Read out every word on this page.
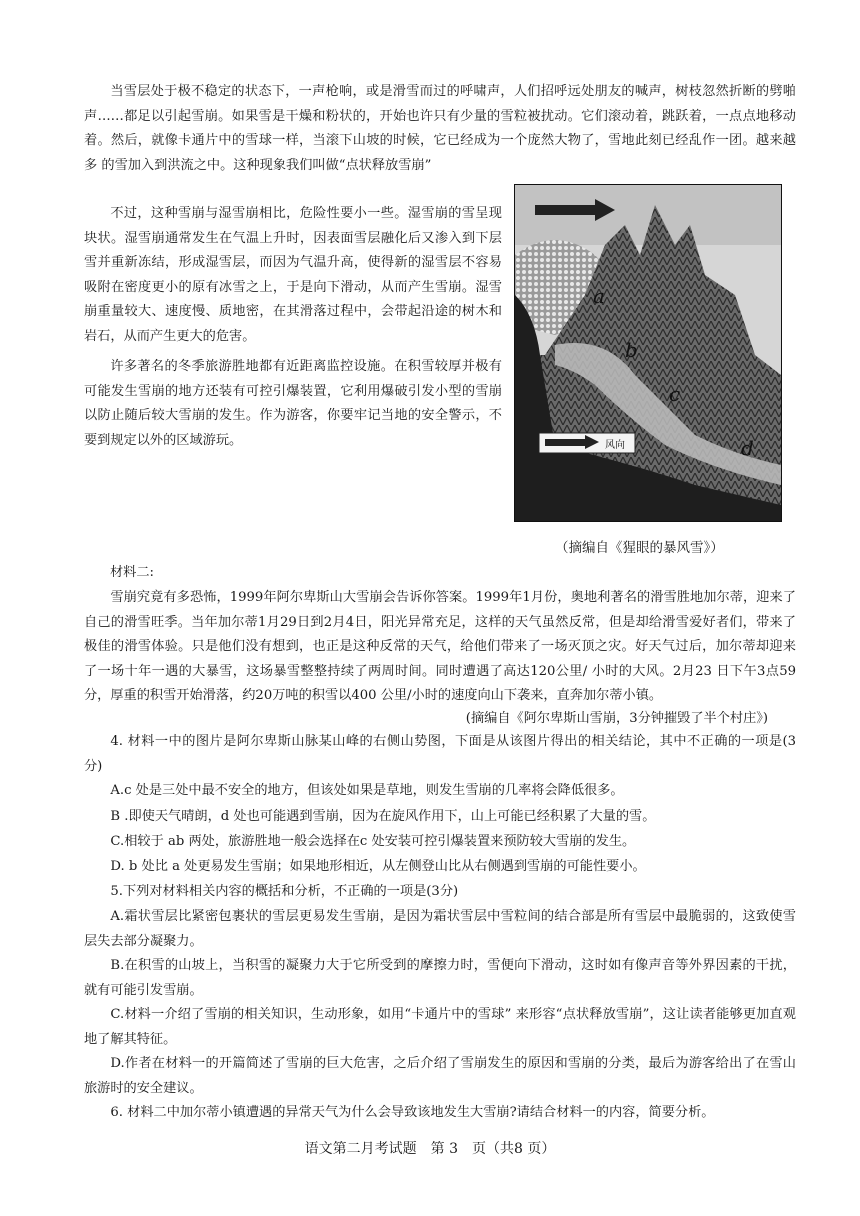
当雪层处于极不稳定的状态下，一声枪响，或是滑雪而过的呼啸声，人们招呼远处朋友的喊声，树枝忽然折断的劈啪声……都足以引起雪崩。如果雪是干燥和粉状的，开始也许只有少量的雪粒被扰动。它们滚动着，跳跃着，一点点地移动着。然后，就像卡通片中的雪球一样，当滚下山坡的时候，它已经成为一个庞然大物了，雪地此刻已经乱作一团。越来越多 的雪加入到洪流之中。这种现象我们叫做“点状释放雪崩”
不过，这种雪崩与湿雪崩相比，危险性要小一些。湿雪崩的雪呈现块状。湿雪崩通常发生在气温上升时，因表面雪层融化后又渗入到下层雪并重新冻结，形成湿雪层，而因为气温升高，使得新的湿雪层不容易吸附在密度更小的原有冰雪之上，于是向下滑动，从而产生雪崩。湿雪崩重量较大、速度慢、质地密，在其滑落过程中，会带起沿途的树木和岩石，从而产生更大的危害。
许多著名的冬季旅游胜地都有近距离监控设施。在积雪较厚并极有可能发生雪崩的地方还装有可控引爆装置，它利用爆破引发小型的雪崩以防止随后较大雪崩的发生。作为游客，你要牢记当地的安全警示，不要到规定以外的区域游玩。	风向
a
b
c
d
（摘编自《猩眼的暴风雪》）
材料二:
雪崩究竟有多恐怖，1999年阿尔卑斯山大雪崩会告诉你答案。1999年1月份，奥地利著名的滑雪胜地加尔蒂，迎来了自己的滑雪旺季。当年加尔蒂1月29日到2月4日，阳光异常充足，这样的天气虽然反常，但是却给滑雪爱好者们，带来了极佳的滑雪体验。只是他们没有想到，也正是这种反常的天气，给他们带来了一场灭顶之灾。好天气过后，加尔蒂却迎来了一场十年一遇的大暴雪，这场暴雪整整持续了两周时间。同时遭遇了高达120公里/ 小时的大风。2月23 日下午3点59分，厚重的积雪开始滑落，约20万吨的积雪以400 公里/小时的速度向山下袭来，直奔加尔蒂小镇。
(摘编自《阿尔卑斯山雪崩，3分钟摧毁了半个村庄》)
4. 材料一中的图片是阿尔卑斯山脉某山峰的右侧山势图，下面是从该图片得出的相关结论，其中不正确的一项是(3 分)
A.c 处是三处中最不安全的地方，但该处如果是草地，则发生雪崩的几率将会降低很多。
B .即使天气晴朗，d 处也可能遇到雪崩，因为在旋风作用下，山上可能已经积累了大量的雪。
C.相较于 ab 两处，旅游胜地一般会选择在c 处安装可控引爆装置来预防较大雪崩的发生。
D. b 处比 a 处更易发生雪崩；如果地形相近，从左侧登山比从右侧遇到雪崩的可能性要小。
5.下列对材料相关内容的概括和分析，不正确的一项是(3分)
A.霜状雪层比紧密包裹状的雪层更易发生雪崩，是因为霜状雪层中雪粒间的结合部是所有雪层中最脆弱的，这致使雪层失去部分凝聚力。
B.在积雪的山坡上，当积雪的凝聚力大于它所受到的摩擦力时，雪便向下滑动，这时如有像声音等外界因素的干扰，就有可能引发雪崩。
C.材料一介绍了雪崩的相关知识，生动形象，如用“卡通片中的雪球” 来形容“点状释放雪崩”，这让读者能够更加直观地了解其特征。
D.作者在材料一的开篇简述了雪崩的巨大危害，之后介绍了雪崩发生的原因和雪崩的分类，最后为游客给出了在雪山旅游时的安全建议。
6. 材料二中加尔蒂小镇遭遇的异常天气为什么会导致该地发生大雪崩?请结合材料一的内容，简要分析。
语文第二月考试题　第 3　页（共8 页）
